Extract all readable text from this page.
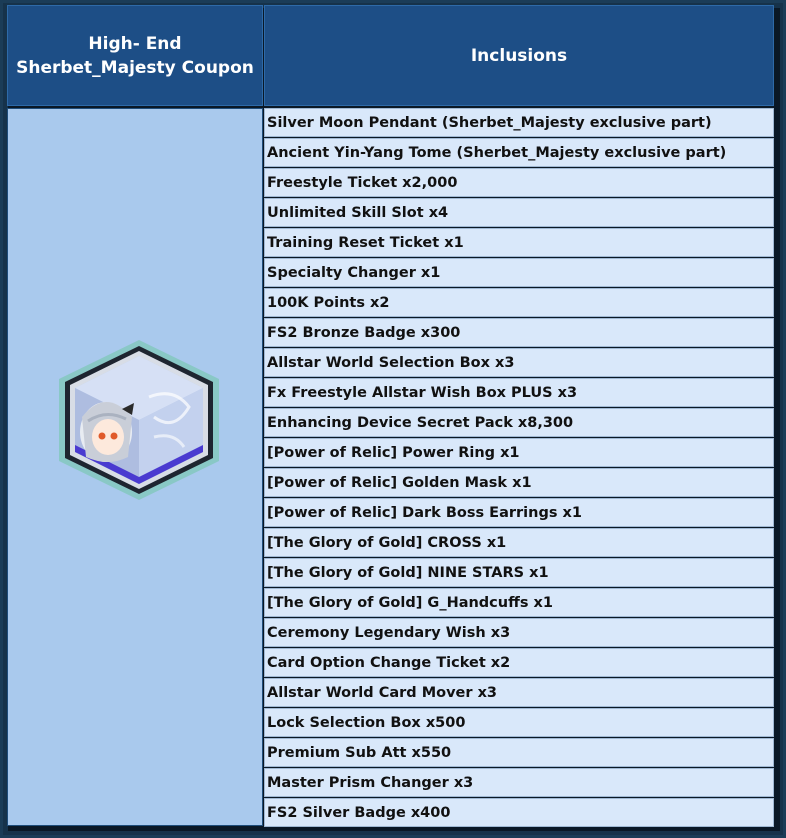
High- End
Sherbet_Majesty Coupon
Inclusions
Silver Moon Pendant (Sherbet_Majesty exclusive part)
Ancient Yin-Yang Tome (Sherbet_Majesty exclusive part)
Freestyle Ticket x2,000
Unlimited Skill Slot x4
Training Reset Ticket x1
Specialty Changer x1
100K Points x2
FS2 Bronze Badge x300
Allstar World Selection Box x3
Fx Freestyle Allstar Wish Box PLUS x3
Enhancing Device Secret Pack x8,300
[Power of Relic] Power Ring x1
[Power of Relic] Golden Mask x1
[Power of Relic] Dark Boss Earrings x1
[The Glory of Gold] CROSS x1
[The Glory of Gold] NINE STARS x1
[The Glory of Gold] G_Handcuffs x1
Ceremony Legendary Wish x3
Card Option Change Ticket x2
Allstar World Card Mover x3
Lock Selection Box x500
Premium Sub Att x550
Master Prism Changer x3
FS2 Silver Badge x400
